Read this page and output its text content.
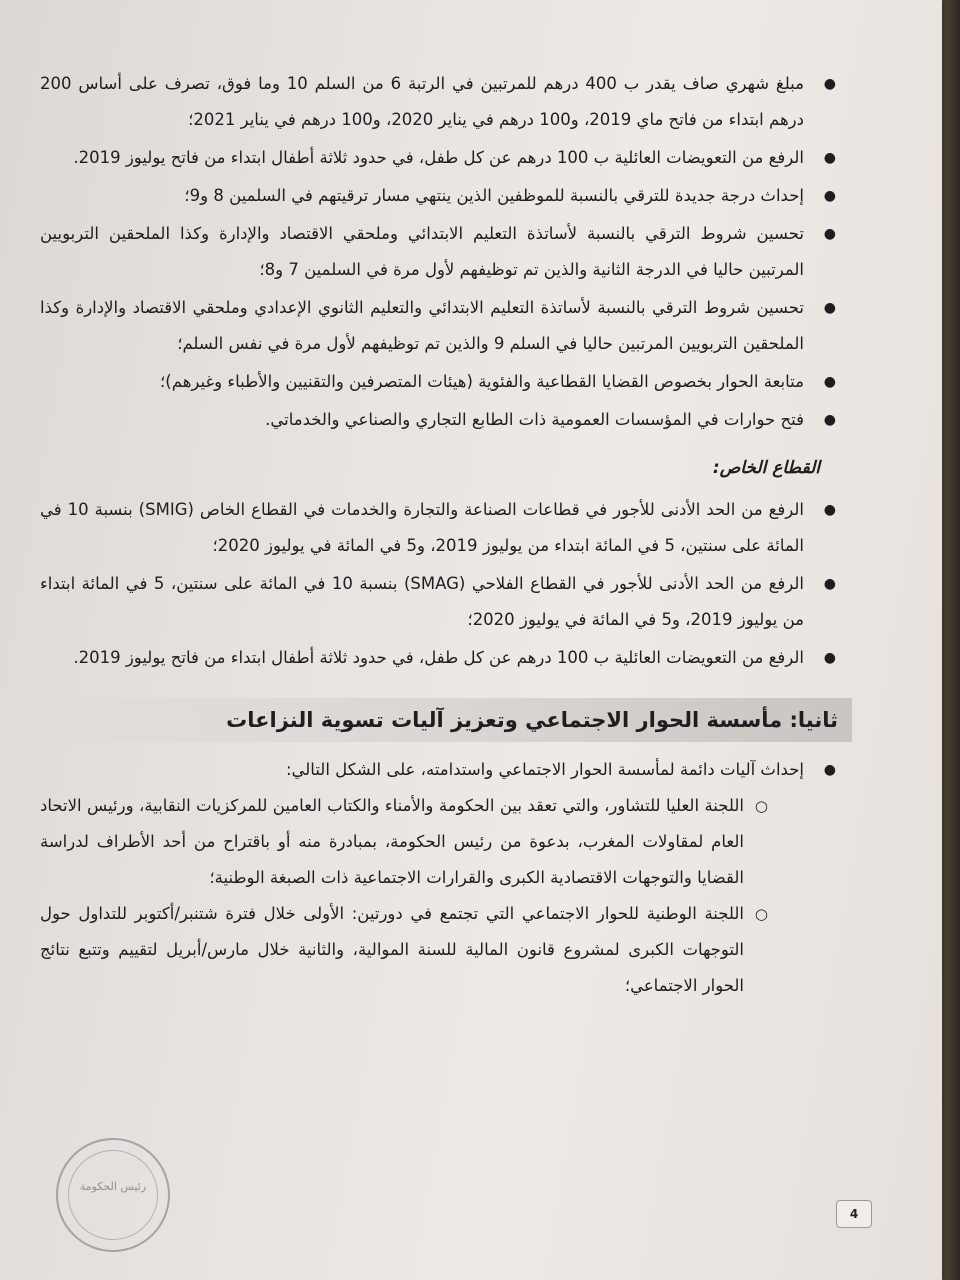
● مبلغ شهري صاف يقدر ب 400 درهم للمرتبين في الرتبة 6 من السلم 10 وما فوق، تصرف على أساس 200 درهم ابتداء من فاتح ماي 2019، و100 درهم في يناير 2020، و100 درهم في يناير 2021؛
● الرفع من التعويضات العائلية ب 100 درهم عن كل طفل، في حدود ثلاثة أطفال ابتداء من فاتح يوليوز 2019.
● إحداث درجة جديدة للترقي بالنسبة للموظفين الذين ينتهي مسار ترقيتهم في السلمين 8 و9؛
● تحسين شروط الترقي بالنسبة لأساتذة التعليم الابتدائي وملحقي الاقتصاد والإدارة وكذا الملحقين التربويين المرتبين حاليا في الدرجة الثانية والذين تم توظيفهم لأول مرة في السلمين 7 و8؛
● تحسين شروط الترقي بالنسبة لأساتذة التعليم الابتدائي والتعليم الثانوي الإعدادي وملحقي الاقتصاد والإدارة وكذا الملحقين التربويين المرتبين حاليا في السلم 9 والذين تم توظيفهم لأول مرة في نفس السلم؛
● متابعة الحوار بخصوص القضايا القطاعية والفئوية (هيئات المتصرفين والتقنيين والأطباء وغيرهم)؛
● فتح حوارات في المؤسسات العمومية ذات الطابع التجاري والصناعي والخدماتي.
القطاع الخاص:
● الرفع من الحد الأدنى للأجور في قطاعات الصناعة والتجارة والخدمات في القطاع الخاص (SMIG) بنسبة 10 في المائة على سنتين، 5 في المائة ابتداء من يوليوز 2019، و5 في المائة في يوليوز 2020؛
● الرفع من الحد الأدنى للأجور في القطاع الفلاحي (SMAG) بنسبة 10 في المائة على سنتين، 5 في المائة ابتداء من يوليوز 2019، و5 في المائة في يوليوز 2020؛
● الرفع من التعويضات العائلية ب 100 درهم عن كل طفل، في حدود ثلاثة أطفال ابتداء من فاتح يوليوز 2019.
ثانيا: مأسسة الحوار الاجتماعي وتعزيز آليات تسوية النزاعات
● إحداث آليات دائمة لمأسسة الحوار الاجتماعي واستدامته، على الشكل التالي:
○ اللجنة العليا للتشاور، والتي تعقد بين الحكومة والأمناء والكتاب العامين للمركزيات النقابية، ورئيس الاتحاد العام لمقاولات المغرب، بدعوة من رئيس الحكومة، بمبادرة منه أو باقتراح من أحد الأطراف لدراسة القضايا والتوجهات الاقتصادية الكبرى والقرارات الاجتماعية ذات الصبغة الوطنية؛
○ اللجنة الوطنية للحوار الاجتماعي التي تجتمع في دورتين: الأولى خلال فترة شتنبر/أكتوبر للتداول حول التوجهات الكبرى لمشروع قانون المالية للسنة الموالية، والثانية خلال مارس/أبريل لتقييم وتتبع نتائج الحوار الاجتماعي؛
رئيس الحكومة
4
